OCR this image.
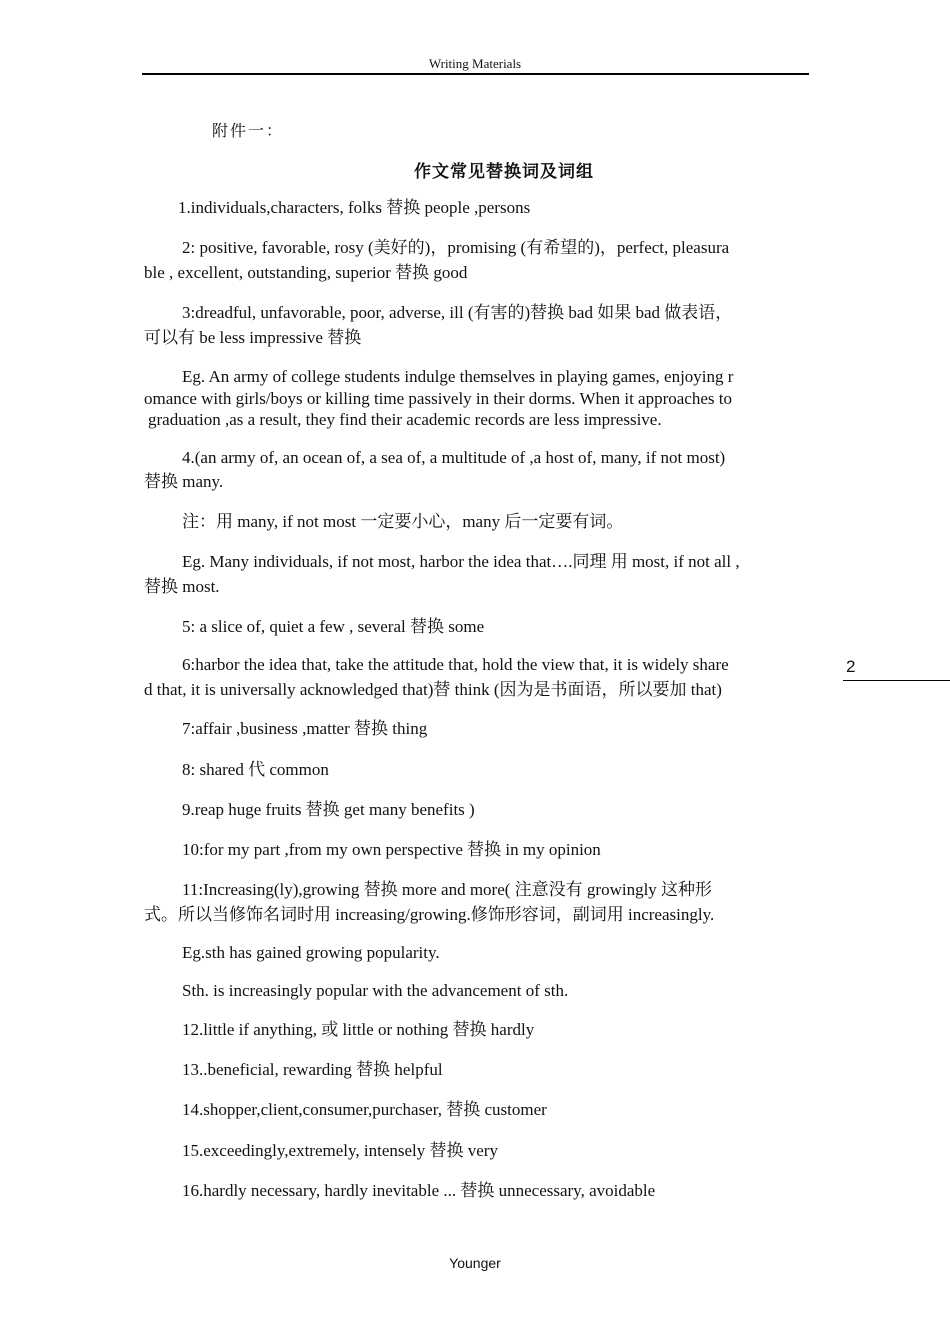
Writing Materials
附件一：
作文常见替换词及词组
1.individuals,characters, folks 替换 people ,persons
2: positive, favorable, rosy (美好的)，promising (有希望的)，perfect, pleasura
ble , excellent, outstanding, superior 替换 good
3:dreadful, unfavorable, poor, adverse, ill (有害的)替换 bad 如果 bad 做表语，
可以有 be less impressive 替换
Eg. An army of college students indulge themselves in playing games, enjoying r
omance with girls/boys or killing time passively in their dorms. When it approaches to
graduation ,as a result, they find their academic records are less impressive.
4.(an army of, an ocean of, a sea of, a multitude of ,a host of, many, if not most)
替换 many.
注：用 many, if not most 一定要小心，many 后一定要有词。
Eg. Many individuals, if not most, harbor the idea that….同理 用 most, if not all ,
替换 most.
5: a slice of, quiet a few , several 替换 some
6:harbor the idea that, take the attitude that, hold the view that, it is widely share
d that, it is universally acknowledged that)替 think (因为是书面语，所以要加 that)
7:affair ,business ,matter 替换 thing
8: shared 代 common
9.reap huge fruits 替换 get many benefits )
10:for my part ,from my own perspective 替换 in my opinion
11:Increasing(ly),growing 替换 more and more( 注意没有 growingly 这种形
式。所以当修饰名词时用 increasing/growing.修饰形容词，副词用 increasingly.
Eg.sth has gained growing popularity.
Sth. is increasingly popular with the advancement of sth.
12.little if anything, 或 little or nothing 替换 hardly
13..beneficial, rewarding 替换 helpful
14.shopper,client,consumer,purchaser, 替换 customer
15.exceedingly,extremely, intensely 替换 very
16.hardly necessary, hardly inevitable ... 替换 unnecessary, avoidable
2
Younger
